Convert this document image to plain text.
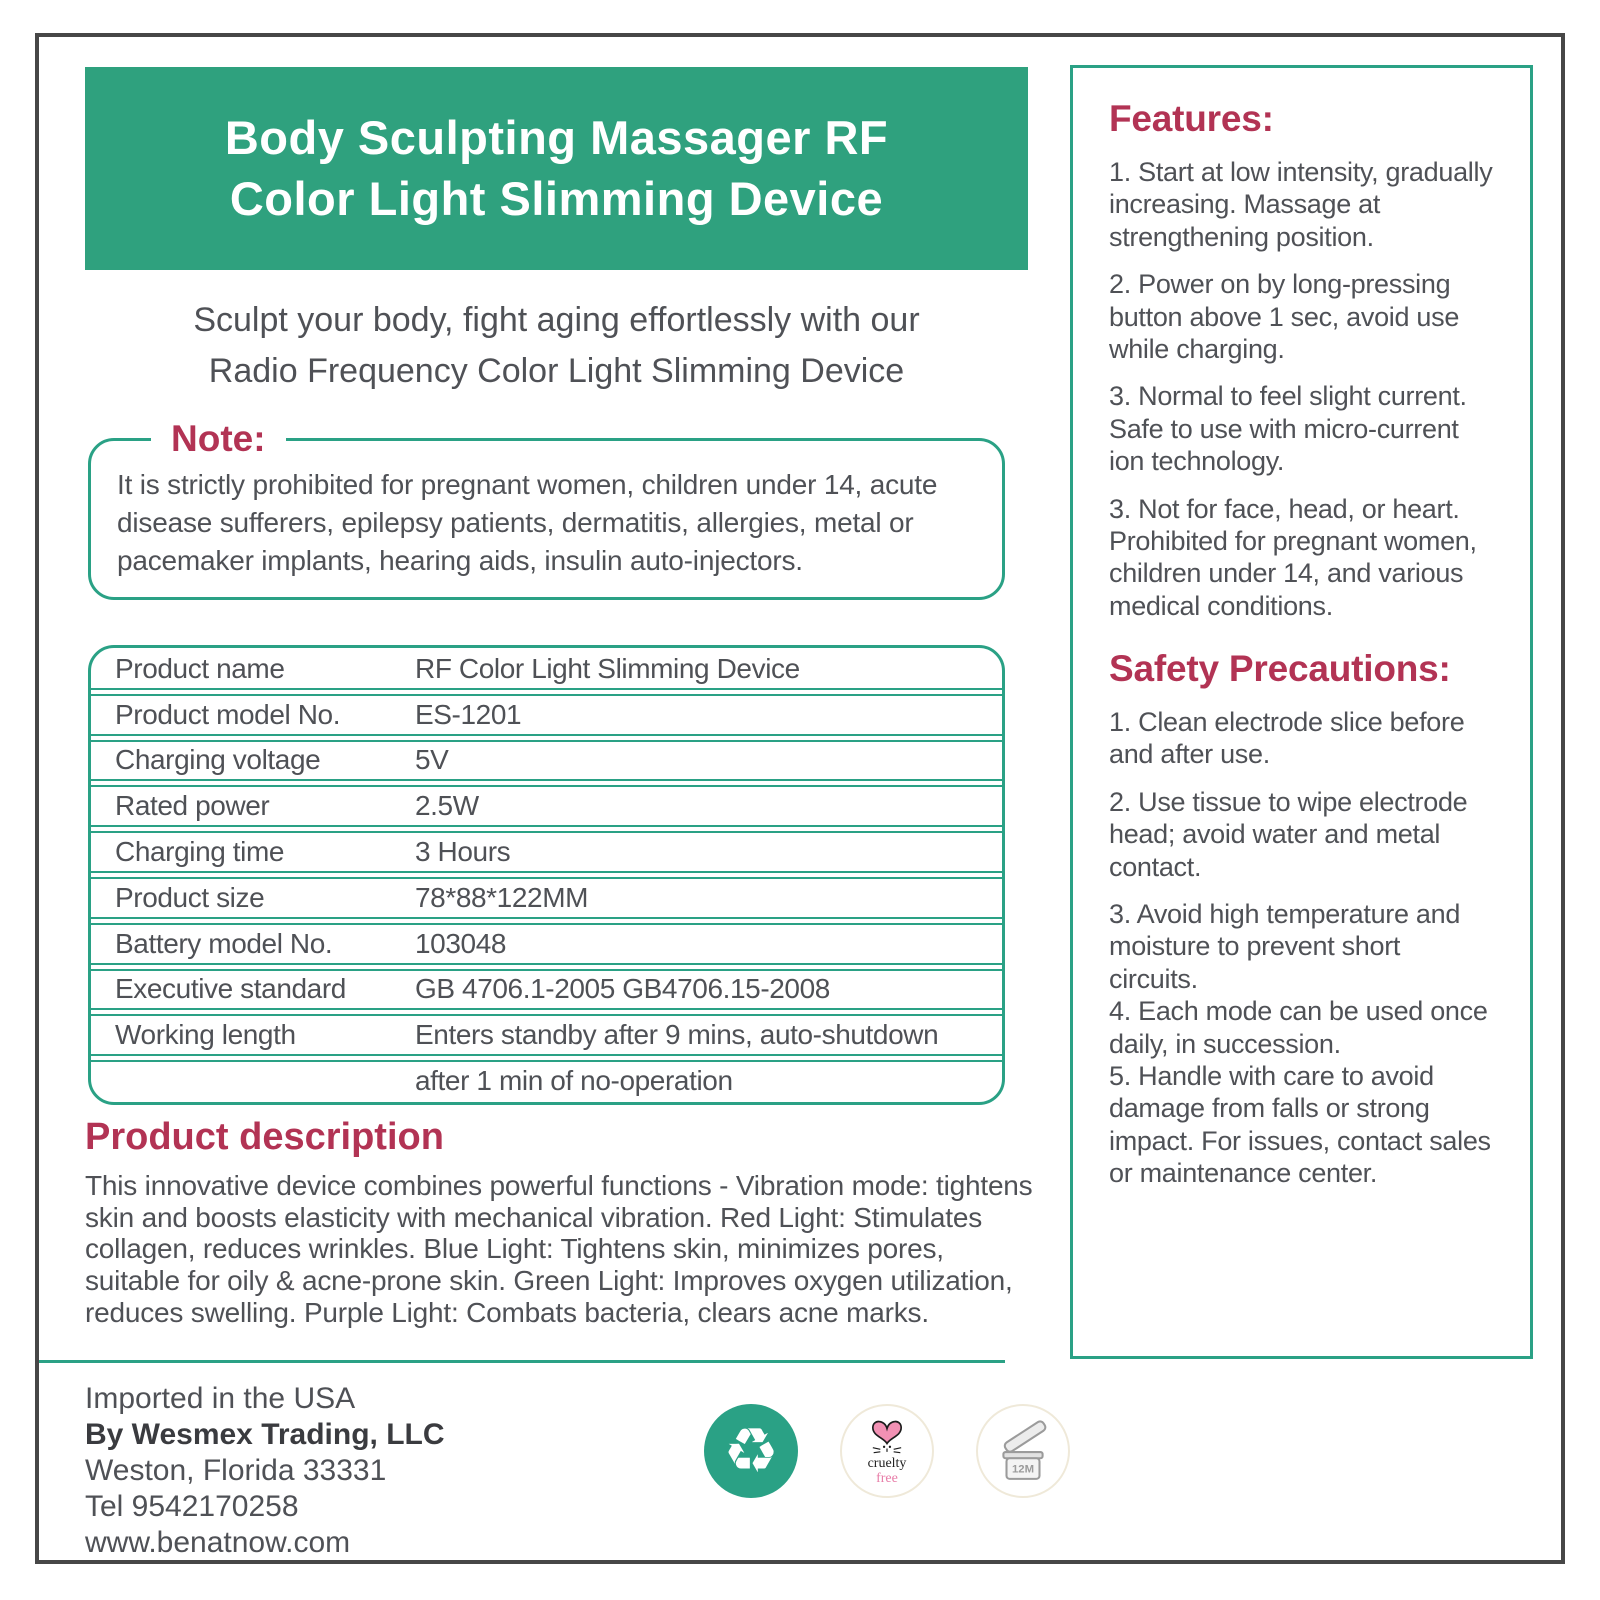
Body Sculpting Massager RF
Color Light Slimming Device
Sculpt your body, fight aging effortlessly with our
Radio Frequency Color Light Slimming Device
Note:
It is strictly prohibited for pregnant women, children under 14, acute disease sufferers, epilepsy patients, dermatitis, allergies, metal or pacemaker implants, hearing aids, insulin auto-injectors.
Product name	RF Color Light Slimming Device
Product model No.	ES-1201
Charging voltage	5V
Rated power	2.5W
Charging time	3 Hours
Product size	78*88*122MM
Battery model No.	103048
Executive standard	GB 4706.1-2005 GB4706.15-2008
Working length	Enters standby after 9 mins, auto-shutdown
after 1 min of no-operation
Product description
This innovative device combines powerful functions - Vibration mode: tightens skin and boosts elasticity with mechanical vibration. Red Light: Stimulates collagen, reduces wrinkles. Blue Light: Tightens skin, minimizes pores, suitable for oily & acne-prone skin. Green Light: Improves oxygen utilization, reduces swelling. Purple Light: Combats bacteria, clears acne marks.
Imported in the USA
By Wesmex Trading, LLC
Weston, Florida 33331
Tel 9542170258
www.benatnow.com
♻	cruelty
free
12M
Features:

1. Start at low intensity, gradually increasing. Massage at strengthening position.

2. Power on by long-pressing button above 1 sec, avoid use while charging.

3. Normal to feel slight current. Safe to use with micro-current ion technology.

3. Not for face, head, or heart. Prohibited for pregnant women, children under 14, and various medical conditions.

Safety Precautions:

1. Clean electrode slice before and after use.

2. Use tissue to wipe electrode head; avoid water and metal contact.

3. Avoid high temperature and moisture to prevent short circuits.

4. Each mode can be used once daily, in succession.

5. Handle with care to avoid damage from falls or strong impact. For issues, contact sales or maintenance center.
